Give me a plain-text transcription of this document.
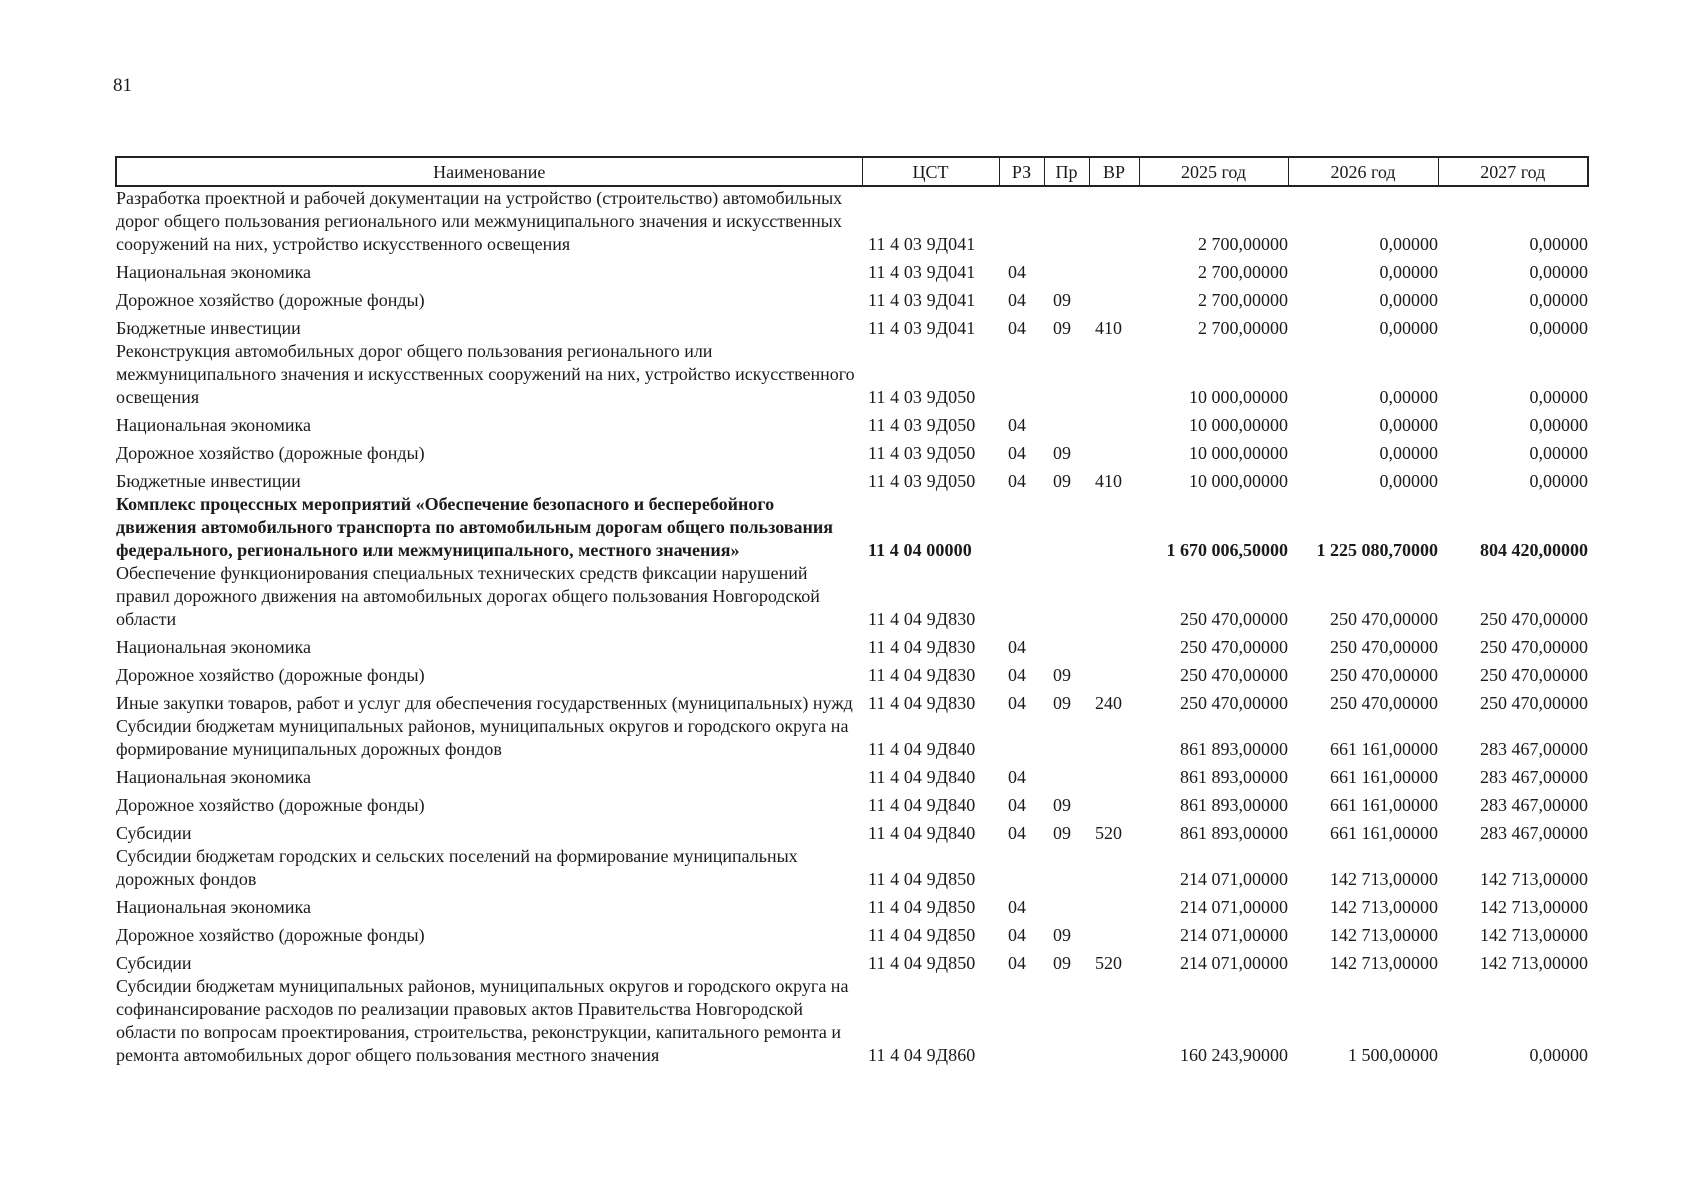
81
Наименование	ЦСТ	РЗ	Пр	ВР	2025 год	2026 год	2027 год
Разработка проектной и рабочей документации на устройство (строительство) автомобильных дорог общего пользования регионального или межмуниципального значения и искусственных сооружений на них, устройство искусственного освещения	11 4 03 9Д041				2 700,00000	0,00000	0,00000
Национальная экономика	11 4 03 9Д041	04			2 700,00000	0,00000	0,00000
Дорожное хозяйство (дорожные фонды)	11 4 03 9Д041	04	09		2 700,00000	0,00000	0,00000
Бюджетные инвестиции	11 4 03 9Д041	04	09	410	2 700,00000	0,00000	0,00000
Реконструкция автомобильных дорог общего пользования регионального или межмуниципального значения и искусственных сооружений на них, устройство искусственного освещения	11 4 03 9Д050				10 000,00000	0,00000	0,00000
Национальная экономика	11 4 03 9Д050	04			10 000,00000	0,00000	0,00000
Дорожное хозяйство (дорожные фонды)	11 4 03 9Д050	04	09		10 000,00000	0,00000	0,00000
Бюджетные инвестиции	11 4 03 9Д050	04	09	410	10 000,00000	0,00000	0,00000
Комплекс процессных мероприятий «Обеспечение безопасного и бесперебойного движения автомобильного транспорта по автомобильным дорогам общего пользования федерального, регионального или межмуниципального, местного значения»	11 4 04 00000				1 670 006,50000	1 225 080,70000	804 420,00000
Обеспечение функционирования специальных технических средств фиксации нарушений правил дорожного движения на автомобильных дорогах общего пользования Новгородской области	11 4 04 9Д830				250 470,00000	250 470,00000	250 470,00000
Национальная экономика	11 4 04 9Д830	04			250 470,00000	250 470,00000	250 470,00000
Дорожное хозяйство (дорожные фонды)	11 4 04 9Д830	04	09		250 470,00000	250 470,00000	250 470,00000
Иные закупки товаров, работ и услуг для обеспечения государственных (муниципальных) нужд	11 4 04 9Д830	04	09	240	250 470,00000	250 470,00000	250 470,00000
Субсидии бюджетам муниципальных районов, муниципальных округов и городского округа на формирование муниципальных дорожных фондов	11 4 04 9Д840				861 893,00000	661 161,00000	283 467,00000
Национальная экономика	11 4 04 9Д840	04			861 893,00000	661 161,00000	283 467,00000
Дорожное хозяйство (дорожные фонды)	11 4 04 9Д840	04	09		861 893,00000	661 161,00000	283 467,00000
Субсидии	11 4 04 9Д840	04	09	520	861 893,00000	661 161,00000	283 467,00000
Субсидии бюджетам городских и сельских поселений на формирование муниципальных дорожных фондов	11 4 04 9Д850				214 071,00000	142 713,00000	142 713,00000
Национальная экономика	11 4 04 9Д850	04			214 071,00000	142 713,00000	142 713,00000
Дорожное хозяйство (дорожные фонды)	11 4 04 9Д850	04	09		214 071,00000	142 713,00000	142 713,00000
Субсидии	11 4 04 9Д850	04	09	520	214 071,00000	142 713,00000	142 713,00000
Субсидии бюджетам муниципальных районов, муниципальных округов и городского округа на софинансирование расходов по реализации правовых актов Правительства Новгородской области по вопросам проектирования, строительства, реконструкции, капитального ремонта и ремонта автомобильных дорог общего пользования местного значения	11 4 04 9Д860				160 243,90000	1 500,00000	0,00000
